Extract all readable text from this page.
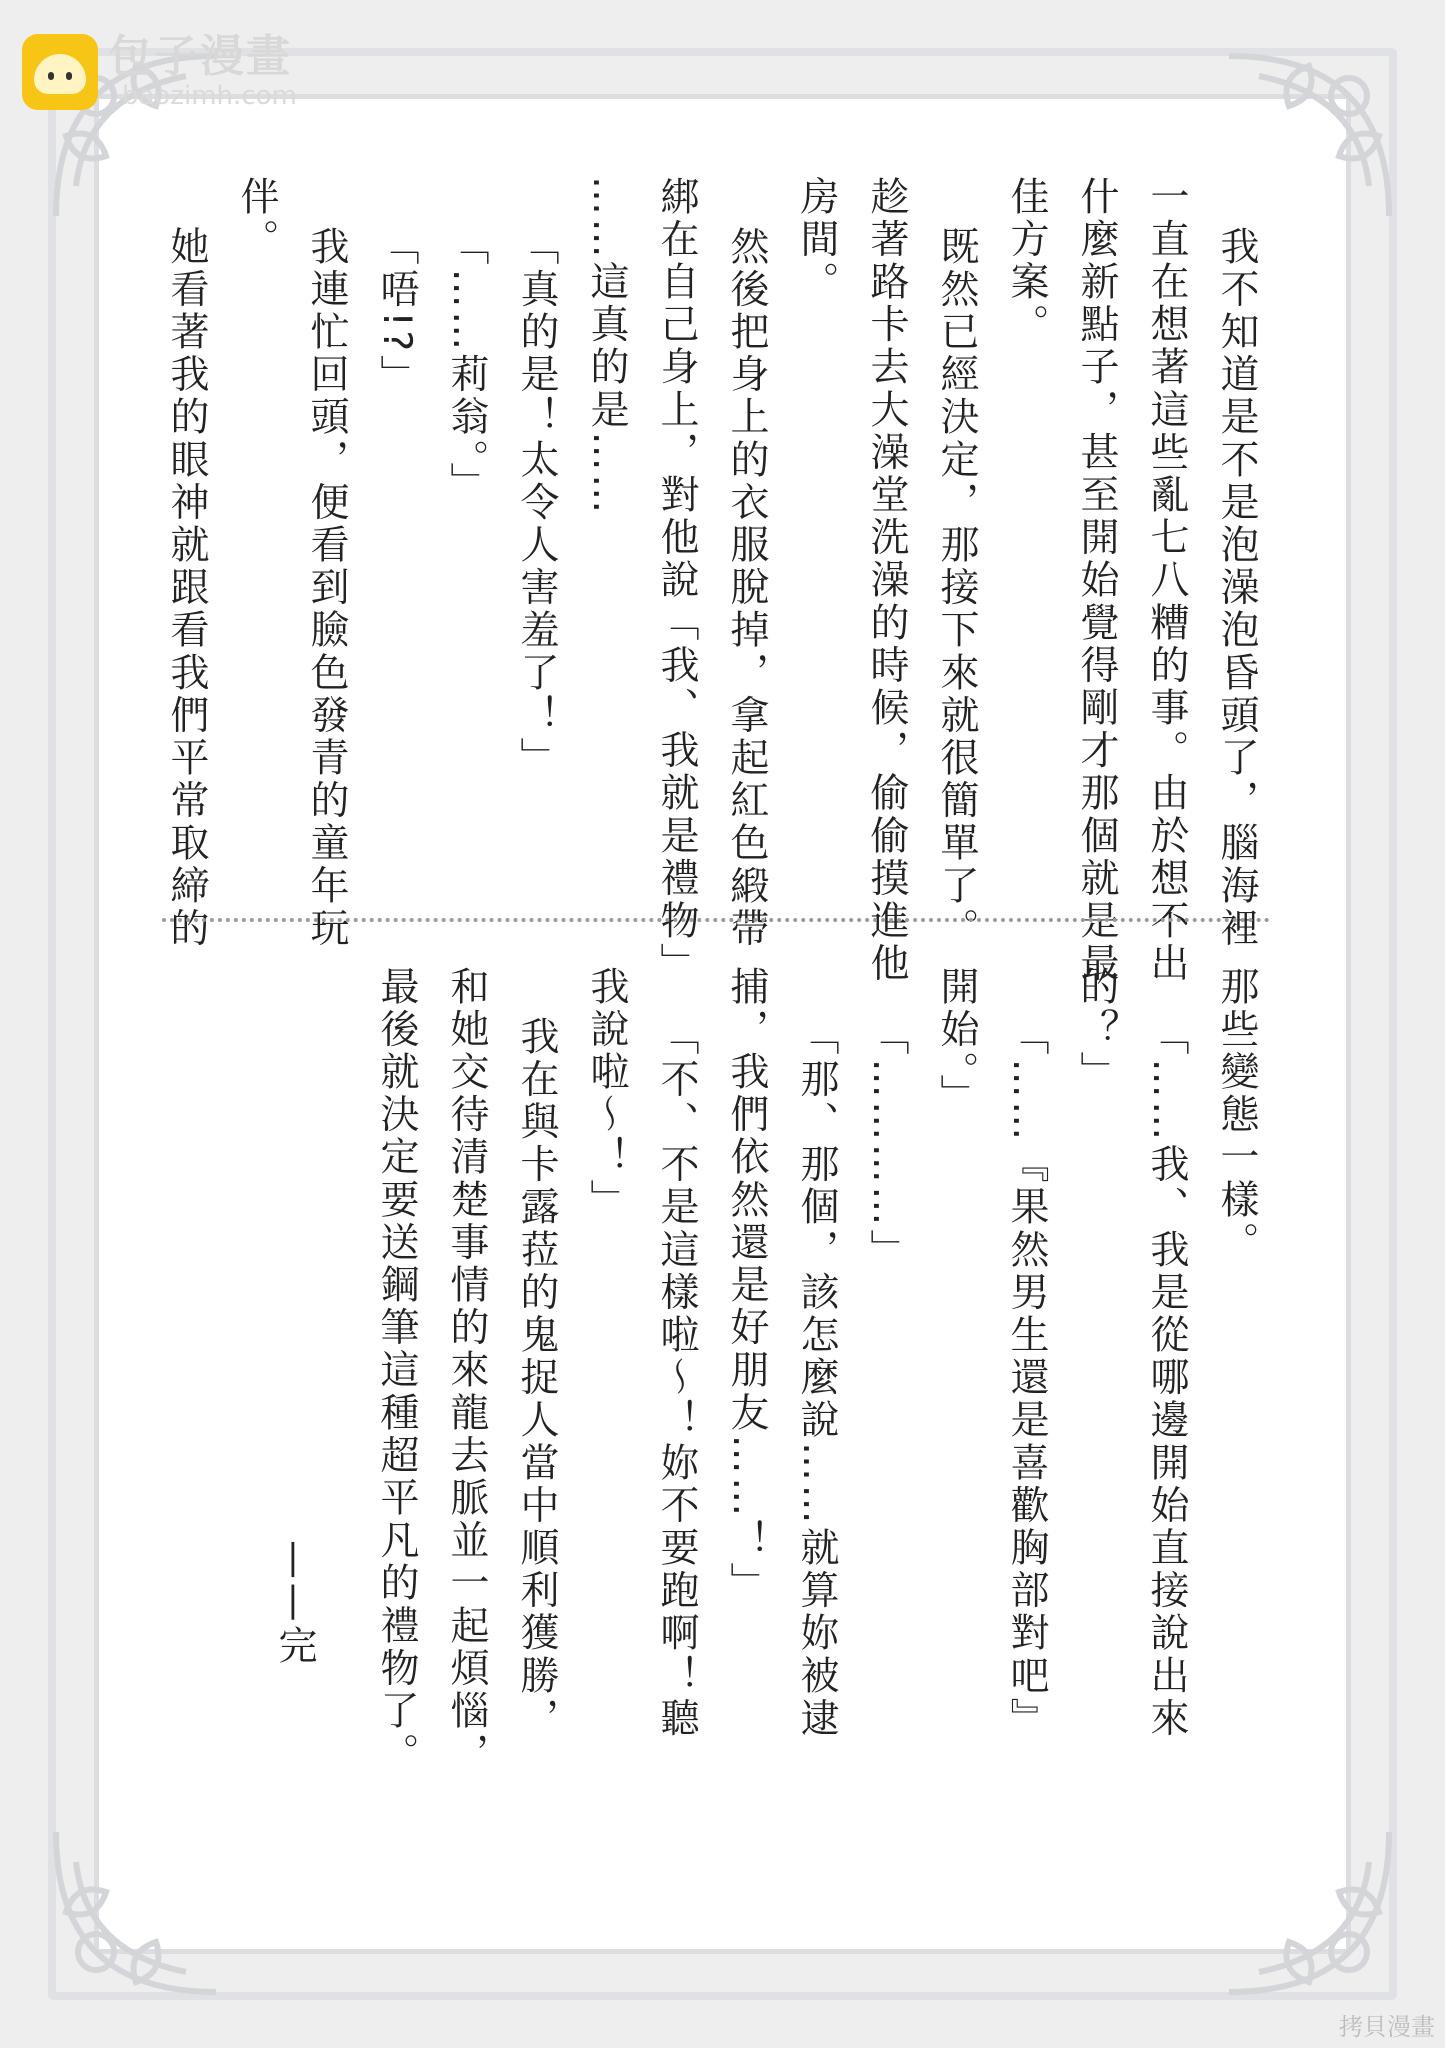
包子漫畫
baozimh.com
我不知道是不是泡澡泡昏頭了，腦海裡
一直在想著這些亂七八糟的事。由於想不出
什麼新點子，甚至開始覺得剛才那個就是最
佳方案。
既然已經決定，那接下來就很簡單了。
趁著路卡去大澡堂洗澡的時候，偷偷摸進他
房間。
然後把身上的衣服脫掉，拿起紅色緞帶
綁在自己身上，對他說「我、我就是禮物」
……這真的是……
「真的是！太令人害羞了！」
「……莉翁。」
「唔!?」
我連忙回頭，便看到臉色發青的童年玩
伴。
她看著我的眼神就跟看我們平常取締的
那些變態一樣。
「……我、我是從哪邊開始直接說出來
的？」
「……『果然男生還是喜歡胸部對吧』
開始。」
「…………」
「那、那個，該怎麼說……就算妳被逮
捕，我們依然還是好朋友……！」
「不、不是這樣啦～！妳不要跑啊！聽
我說啦～！」
我在與卡露菈的鬼捉人當中順利獲勝，
和她交待清楚事情的來龍去脈並一起煩惱，
最後就決定要送鋼筆這種超平凡的禮物了。
——完
拷貝漫畫
